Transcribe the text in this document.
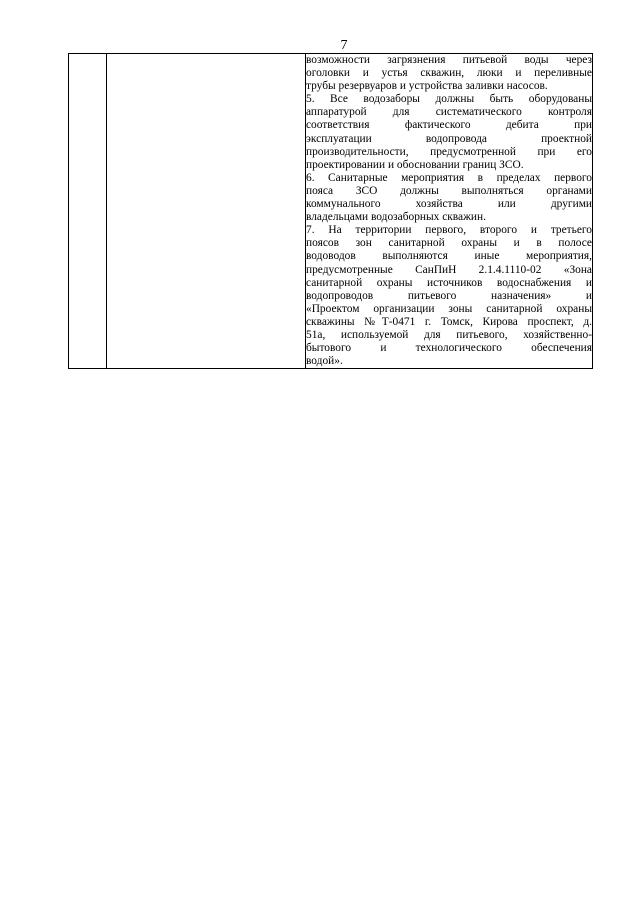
7

возможности загрязнения питьевой воды через
оголовки и устья скважин, люки и переливные
трубы резервуаров и устройства заливки насосов.
5. Все водозаборы должны быть оборудованы
аппаратурой для систематического контроля
соответствия фактического дебита при
эксплуатации водопровода проектной
производительности, предусмотренной при его
проектировании и обосновании границ ЗСО.
6. Санитарные мероприятия в пределах первого
пояса ЗСО должны выполняться органами
коммунального хозяйства или другими
владельцами водозаборных скважин.
7. На территории первого, второго и третьего
поясов зон санитарной охраны и в полосе
водоводов выполняются иные мероприятия,
предусмотренные СанПиН 2.1.4.1110-02 «Зона
санитарной охраны источников водоснабжения и
водопроводов питьевого назначения» и
«Проектом организации зоны санитарной охраны
скважины №Т-0471 г. Томск, Кирова проспект, д.
51а, используемой для питьевого, хозяйственно-
бытового и технологического обеспечения
водой».
